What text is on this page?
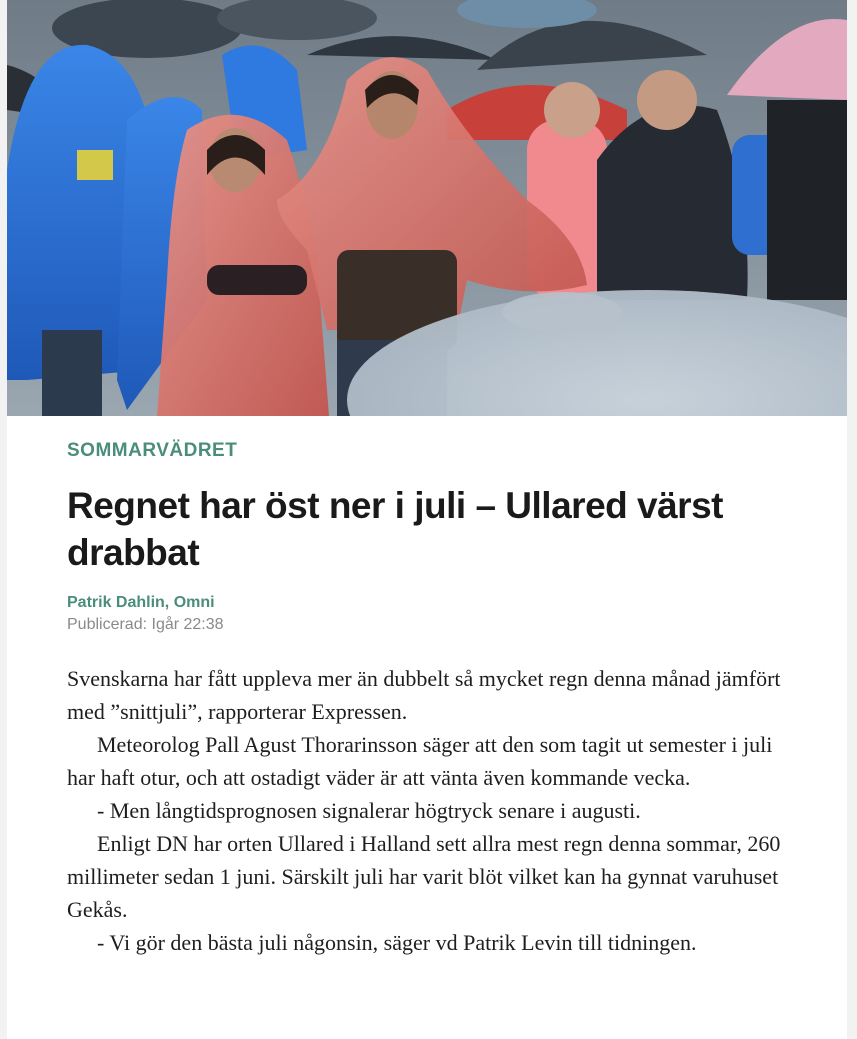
SOMMARVÄDRET
Regnet har öst ner i juli – Ullared värst drabbat
Patrik Dahlin, Omni
Publicerad: Igår 22:38

Svenskarna har fått uppleva mer än dubbelt så mycket regn denna månad jämfört med ”snittjuli”, rapporterar Expressen.

Meteorolog Pall Agust Thorarinsson säger att den som tagit ut semester i juli har haft otur, och att ostadigt väder är att vänta även kommande vecka.

- Men långtidsprognosen signalerar högtryck senare i augusti.

Enligt DN har orten Ullared i Halland sett allra mest regn denna sommar, 260 millimeter sedan 1 juni. Särskilt juli har varit blöt vilket kan ha gynnat varuhuset Gekås.

- Vi gör den bästa juli någonsin, säger vd Patrik Levin till tidningen.
